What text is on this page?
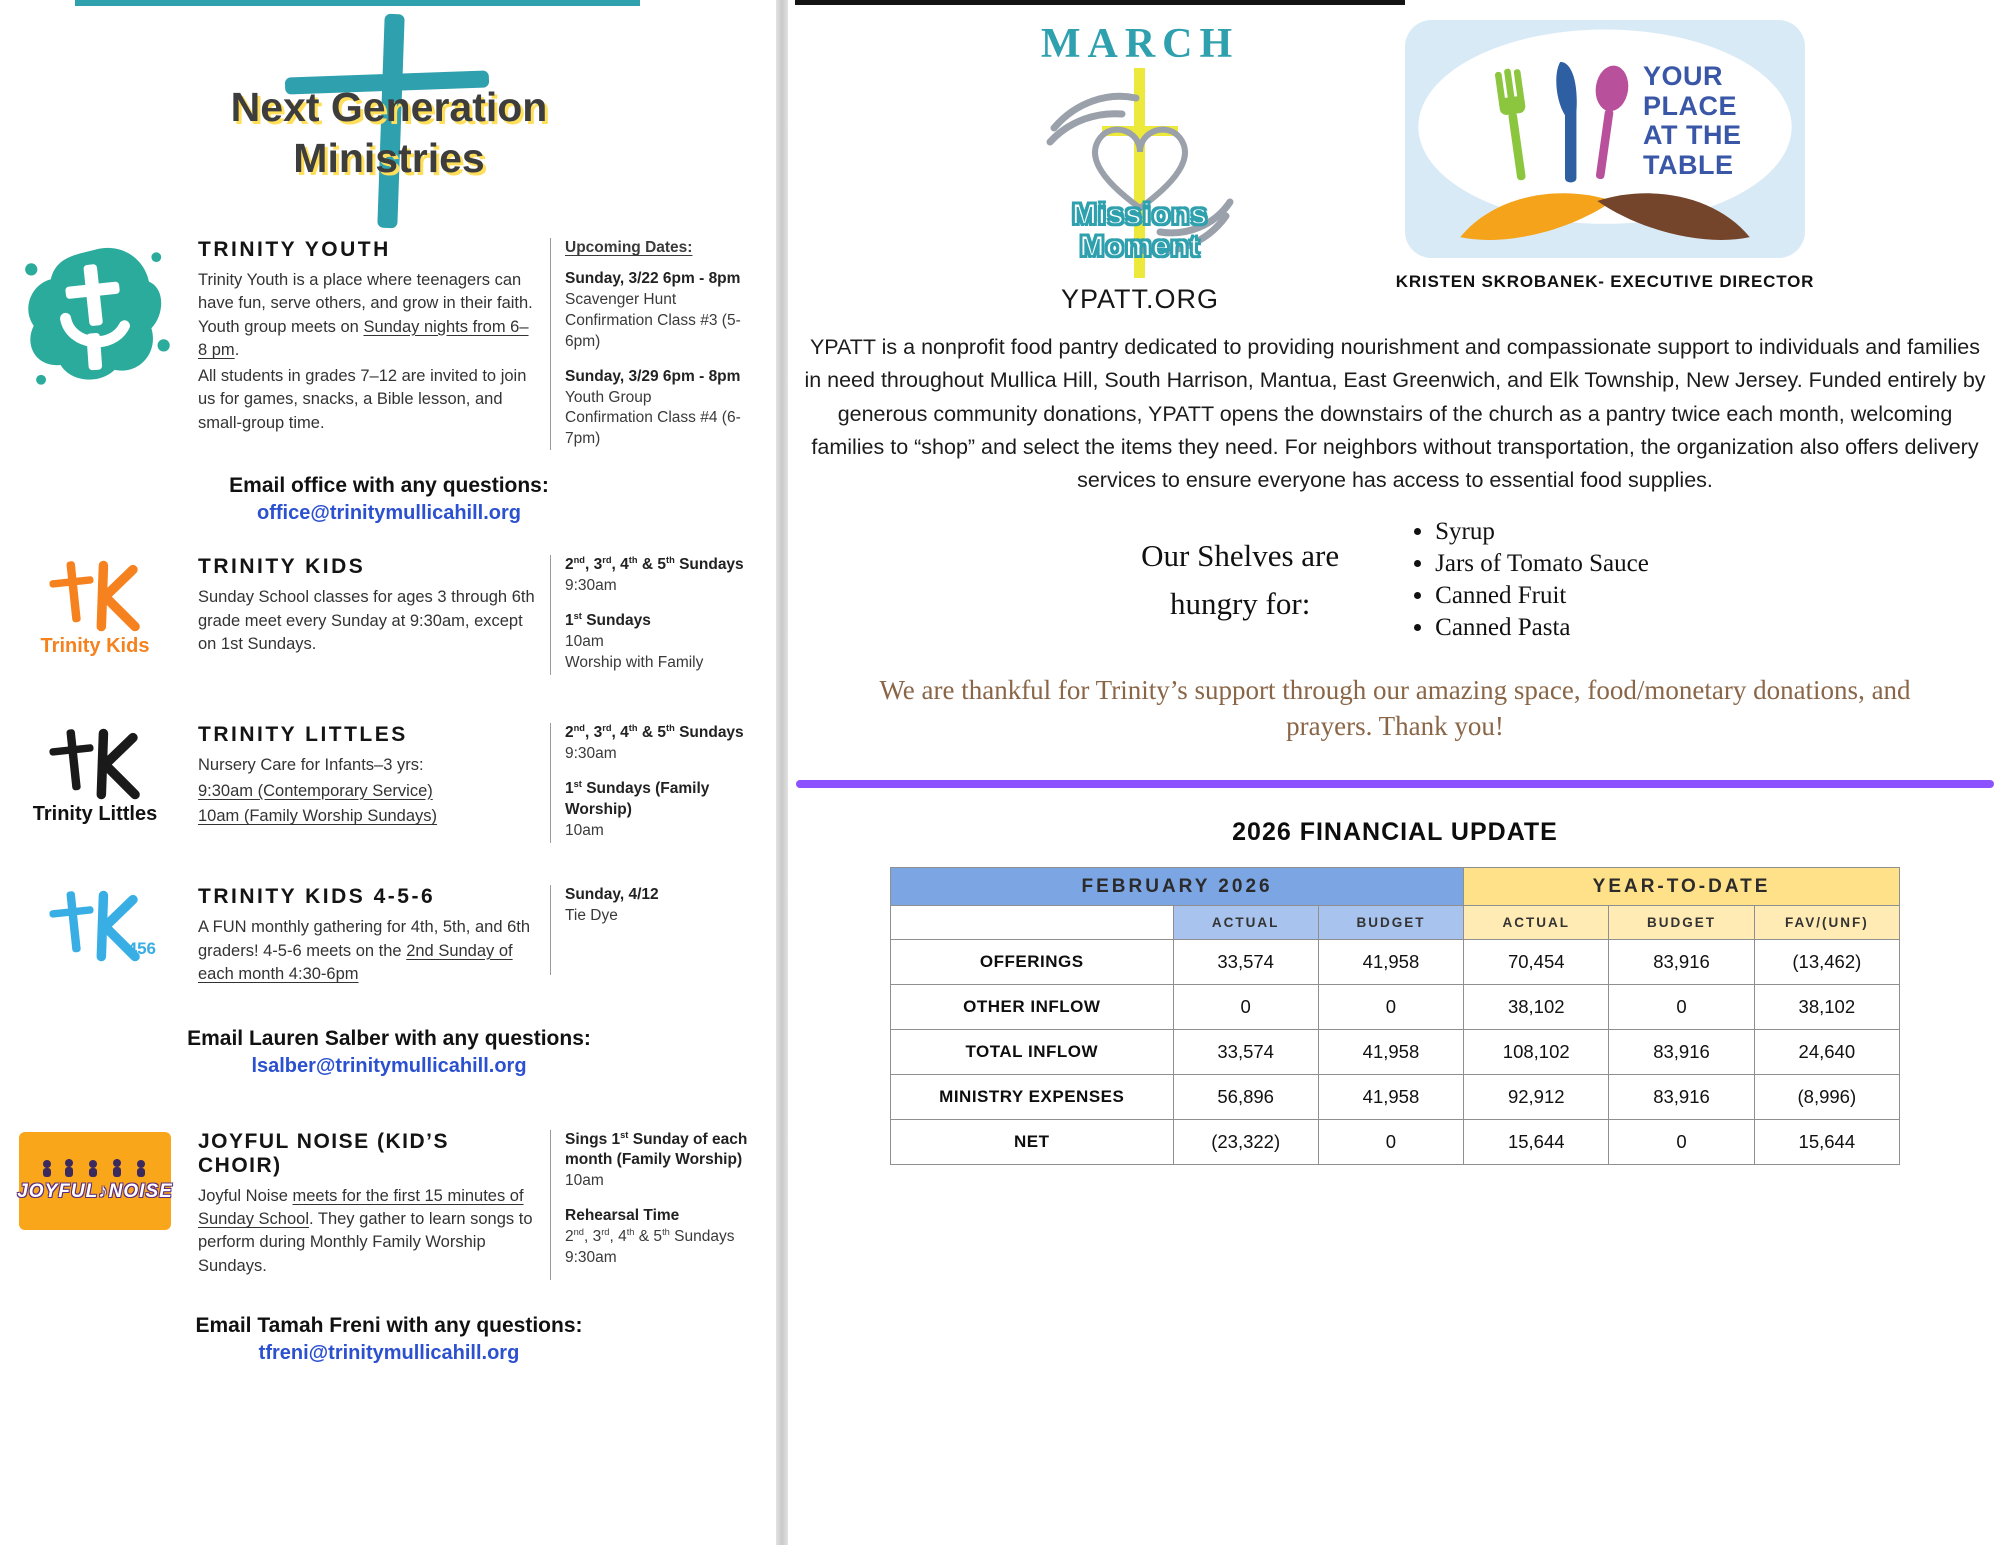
Next Generation
Ministries
TRINITY YOUTH

Trinity Youth is a place where teenagers can have fun, serve others, and grow in their faith. Youth group meets on Sunday nights from 6–8 pm.

All students in grades 7–12 are invited to join us for games, snacks, a Bible lesson, and small-group time.

Upcoming Dates:
Sunday, 3/22 6pm - 8pm
Scavenger Hunt
Confirmation Class #3 (5-6pm)
Sunday, 3/29 6pm - 8pm
Youth Group
Confirmation Class #4 (6-7pm)
Email office with any questions:
office@trinitymullicahill.org
Trinity Kids
TRINITY KIDS

Sunday School classes for ages 3 through 6th grade meet every Sunday at 9:30am, except on 1st Sundays.

2nd, 3rd, 4th & 5th Sundays
9:30am
1st Sundays
10am
Worship with Family
Trinity Littles
TRINITY LITTLES

Nursery Care for Infants–3 yrs:

9:30am (Contemporary Service)

10am (Family Worship Sundays)

2nd, 3rd, 4th & 5th Sundays
9:30am
1st Sundays (Family Worship)
10am
456
TRINITY KIDS 4-5-6

A FUN monthly gathering for 4th, 5th, and 6th graders! 4-5-6 meets on the 2nd Sunday of each month 4:30-6pm

Sunday, 4/12
Tie Dye
Email Lauren Salber with any questions:
lsalber@trinitymullicahill.org
JOYFUL♪NOISE
JOYFUL NOISE (KID’S CHOIR)

Joyful Noise meets for the first 15 minutes of Sunday School. They gather to learn songs to perform during Monthly Family Worship Sundays.

Sings 1st Sunday of each month (Family Worship)
10am
Rehearsal Time
2nd, 3rd, 4th & 5th Sundays
9:30am
Email Tamah Freni with any questions:
tfreni@trinitymullicahill.org
MARCH
Missions
Moment
YPATT.ORG
YOUR
PLACE
AT THE
TABLE
KRISTEN SKROBANEK- EXECUTIVE DIRECTOR

YPATT is a nonprofit food pantry dedicated to providing nourishment and compassionate support to individuals and families in need throughout Mullica Hill, South Harrison, Mantua, East Greenwich, and Elk Township, New Jersey. Funded entirely by generous community donations, YPATT opens the downstairs of the church as a pantry twice each month, welcoming families to “shop” and select the items they need. For neighbors without transportation, the organization also offers delivery services to ensure everyone has access to essential food supplies.

Our Shelves are
hungry for:
• Syrup
• Jars of Tomato Sauce
• Canned Fruit
• Canned Pasta

We are thankful for Trinity’s support through our amazing space, food/monetary donations, and prayers. Thank you!

2026 FINANCIAL UPDATE
FEBRUARY 2026			YEAR-TO-DATE		
	ACTUAL	BUDGET	ACTUAL	BUDGET	FAV/(UNF)
OFFERINGS	33,574	41,958	70,454	83,916	(13,462)
OTHER INFLOW	0	0	38,102	0	38,102
TOTAL INFLOW	33,574	41,958	108,102	83,916	24,640
MINISTRY EXPENSES	56,896	41,958	92,912	83,916	(8,996)
NET	(23,322)	0	15,644	0	15,644
